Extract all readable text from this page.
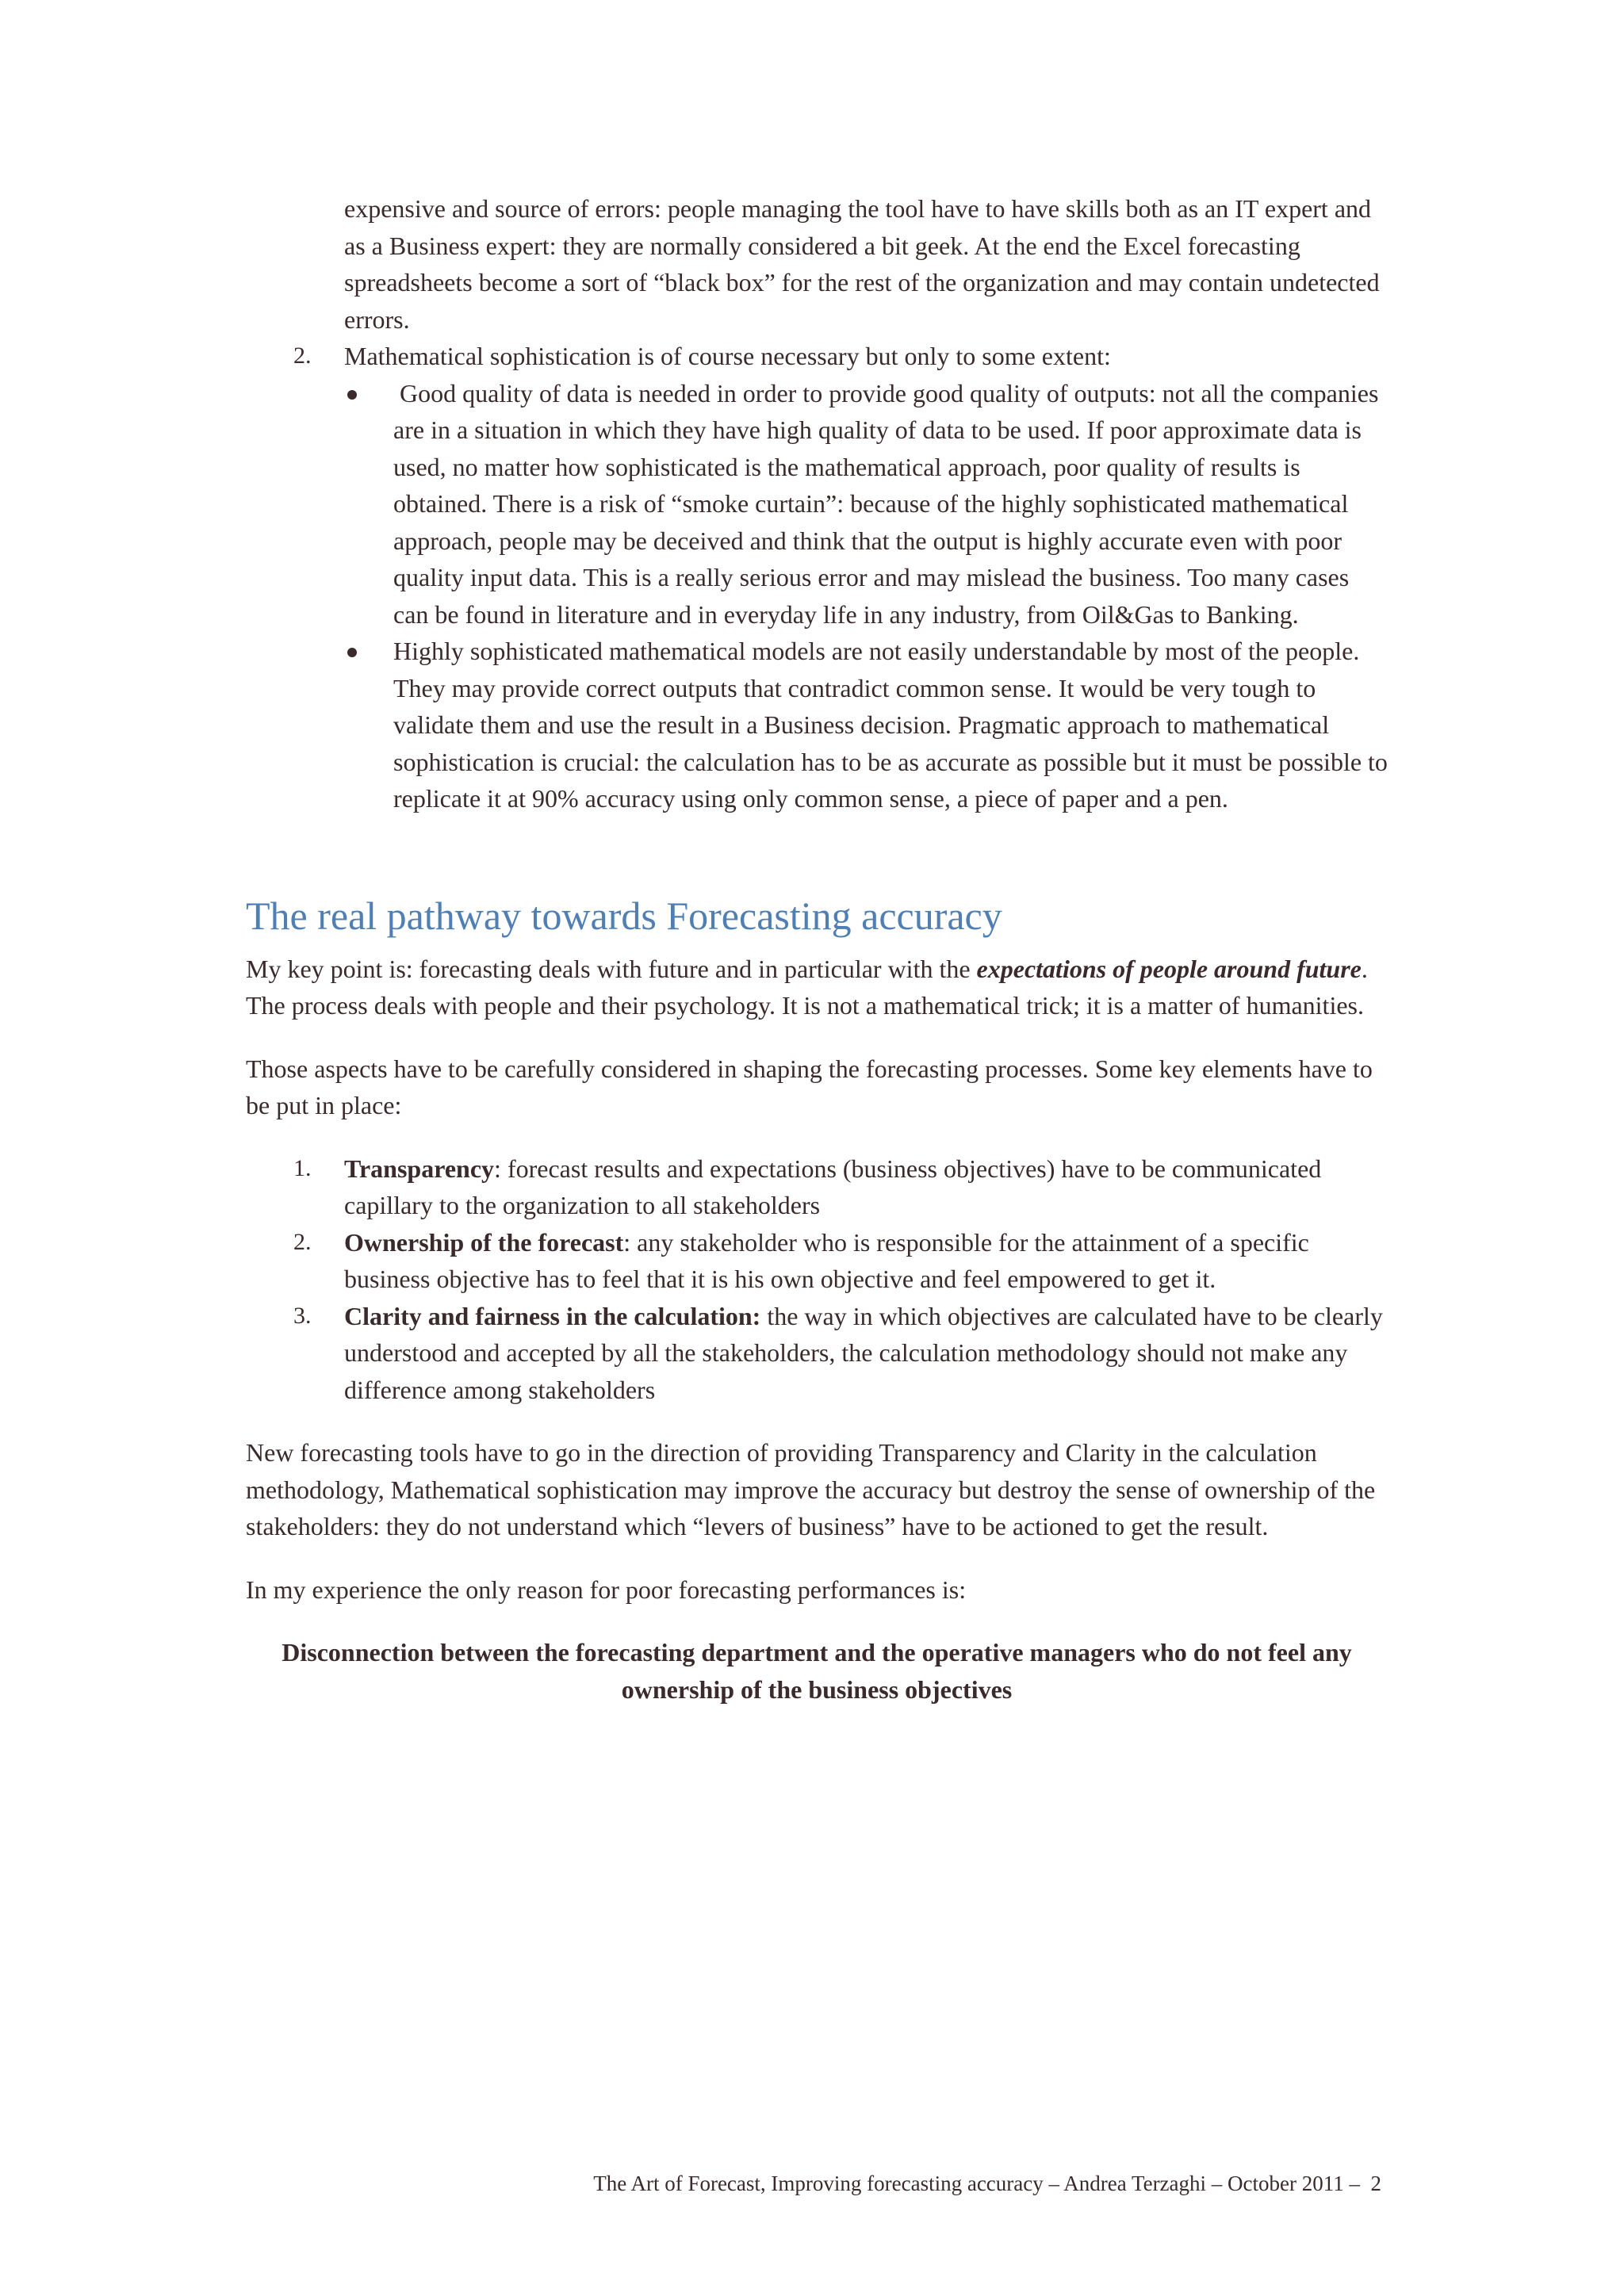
expensive and source of errors: people managing the tool have to have skills both as an IT expert and as a Business expert: they are normally considered a bit geek. At the end the Excel forecasting spreadsheets become a sort of “black box” for the rest of the organization and may contain undetected errors.
2. Mathematical sophistication is of course necessary but only to some extent:
Good quality of data is needed in order to provide good quality of outputs: not all the companies are in a situation in which they have high quality of data to be used. If poor approximate data is used, no matter how sophisticated is the mathematical approach, poor quality of results is obtained. There is a risk of “smoke curtain”: because of the highly sophisticated mathematical approach, people may be deceived and think that the output is highly accurate even with poor quality input data. This is a really serious error and may mislead the business. Too many cases can be found in literature and in everyday life in any industry, from Oil&Gas to Banking.
Highly sophisticated mathematical models are not easily understandable by most of the people. They may provide correct outputs that contradict common sense. It would be very tough to validate them and use the result in a Business decision. Pragmatic approach to mathematical sophistication is crucial: the calculation has to be as accurate as possible but it must be possible to replicate it at 90% accuracy using only common sense, a piece of paper and a pen.
The real pathway towards Forecasting accuracy

My key point is: forecasting deals with future and in particular with the expectations of people around future. The process deals with people and their psychology. It is not a mathematical trick; it is a matter of humanities.

Those aspects have to be carefully considered in shaping the forecasting processes. Some key elements have to be put in place:

1. Transparency: forecast results and expectations (business objectives) have to be communicated capillary to the organization to all stakeholders
2. Ownership of the forecast: any stakeholder who is responsible for the attainment of a specific business objective has to feel that it is his own objective and feel empowered to get it.
3. Clarity and fairness in the calculation: the way in which objectives are calculated have to be clearly understood and accepted by all the stakeholders, the calculation methodology should not make any difference among stakeholders

New forecasting tools have to go in the direction of providing Transparency and Clarity in the calculation methodology, Mathematical sophistication may improve the accuracy but destroy the sense of ownership of the stakeholders: they do not understand which “levers of business” have to be actioned to get the result.

In my experience the only reason for poor forecasting performances is:

Disconnection between the forecasting department and the operative managers who do not feel any ownership of the business objectives

The Art of Forecast, Improving forecasting accuracy – Andrea Terzaghi – October 2011 –  2
